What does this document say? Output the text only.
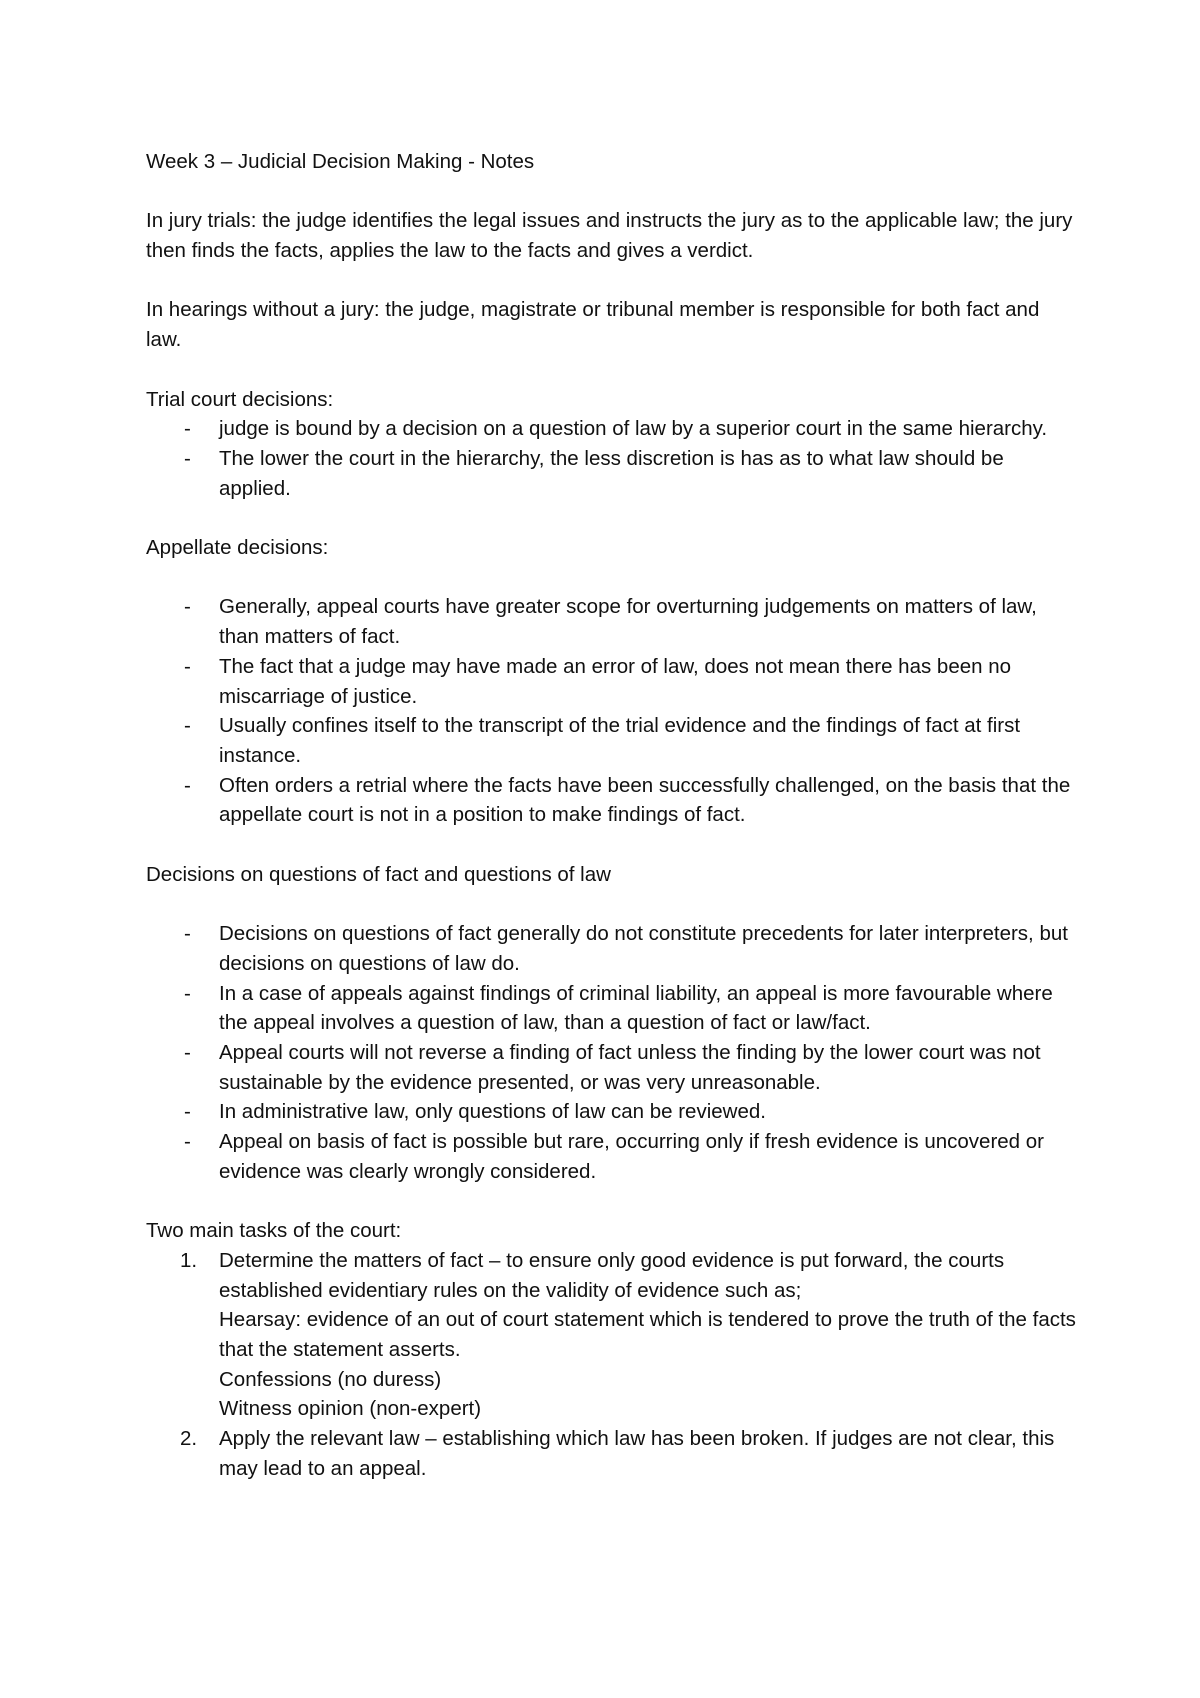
Week 3 – Judicial Decision Making - Notes

In jury trials: the judge identifies the legal issues and instructs the jury as to the applicable law; the jury then finds the facts, applies the law to the facts and gives a verdict.

In hearings without a jury: the judge, magistrate or tribunal member is responsible for both fact and law.

Trial court decisions:

- judge is bound by a decision on a question of law by a superior court in the same hierarchy.
- The lower the court in the hierarchy, the less discretion is has as to what law should be applied.

Appellate decisions:

- Generally, appeal courts have greater scope for overturning judgements on matters of law, than matters of fact.
- The fact that a judge may have made an error of law, does not mean there has been no miscarriage of justice.
- Usually confines itself to the transcript of the trial evidence and the findings of fact at first instance.
- Often orders a retrial where the facts have been successfully challenged, on the basis that the appellate court is not in a position to make findings of fact.

Decisions on questions of fact and questions of law

- Decisions on questions of fact generally do not constitute precedents for later interpreters, but decisions on questions of law do.
- In a case of appeals against findings of criminal liability, an appeal is more favourable where the appeal involves a question of law, than a question of fact or law/fact.
- Appeal courts will not reverse a finding of fact unless the finding by the lower court was not sustainable by the evidence presented, or was very unreasonable.
- In administrative law, only questions of law can be reviewed.
- Appeal on basis of fact is possible but rare, occurring only if fresh evidence is uncovered or evidence was clearly wrongly considered.

Two main tasks of the court:

1. Determine the matters of fact – to ensure only good evidence is put forward, the courts established evidentiary rules on the validity of evidence such as;
Hearsay: evidence of an out of court statement which is tendered to prove the truth of the facts that the statement asserts.
Confessions (no duress)
Witness opinion (non-expert)
2. Apply the relevant law – establishing which law has been broken. If judges are not clear, this may lead to an appeal.
